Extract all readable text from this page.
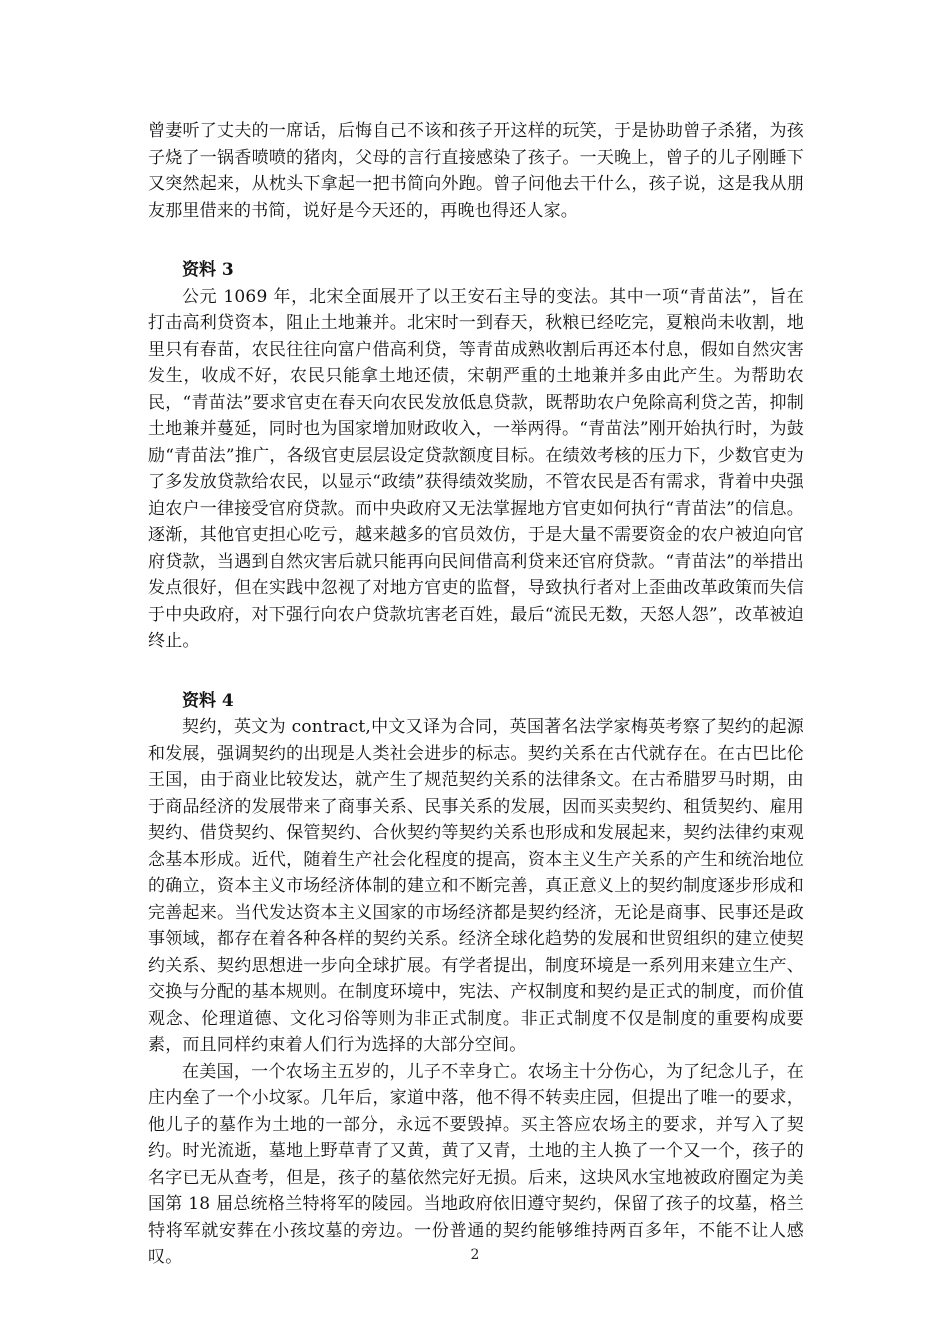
曾妻听了丈夫的一席话，后悔自己不该和孩子开这样的玩笑，于是协助曾子杀猪，为孩子烧了一锅香喷喷的猪肉，父母的言行直接感染了孩子。一天晚上，曾子的儿子刚睡下又突然起来，从枕头下拿起一把书简向外跑。曾子问他去干什么，孩子说，这是我从朋友那里借来的书简，说好是今天还的，再晚也得还人家。

资料 3

公元 1069 年，北宋全面展开了以王安石主导的变法。其中一项“青苗法”，旨在打击高利贷资本，阻止土地兼并。北宋时一到春天，秋粮已经吃完，夏粮尚未收割，地里只有春苗，农民往往向富户借高利贷，等青苗成熟收割后再还本付息，假如自然灾害发生，收成不好，农民只能拿土地还债，宋朝严重的土地兼并多由此产生。为帮助农民，“青苗法”要求官吏在春天向农民发放低息贷款，既帮助农户免除高利贷之苦，抑制土地兼并蔓延，同时也为国家增加财政收入，一举两得。“青苗法”刚开始执行时，为鼓励“青苗法”推广，各级官吏层层设定贷款额度目标。在绩效考核的压力下，少数官吏为了多发放贷款给农民，以显示“政绩”获得绩效奖励，不管农民是否有需求，背着中央强迫农户一律接受官府贷款。而中央政府又无法掌握地方官吏如何执行“青苗法”的信息。逐渐，其他官吏担心吃亏，越来越多的官员效仿，于是大量不需要资金的农户被迫向官府贷款，当遇到自然灾害后就只能再向民间借高利贷来还官府贷款。“青苗法”的举措出发点很好，但在实践中忽视了对地方官吏的监督，导致执行者对上歪曲改革政策而失信于中央政府，对下强行向农户贷款坑害老百姓，最后“流民无数，天怒人怨”，改革被迫终止。

资料 4

契约，英文为 contract,中文又译为合同，英国著名法学家梅英考察了契约的起源和发展，强调契约的出现是人类社会进步的标志。契约关系在古代就存在。在古巴比伦王国，由于商业比较发达，就产生了规范契约关系的法律条文。在古希腊罗马时期，由于商品经济的发展带来了商事关系、民事关系的发展，因而买卖契约、租赁契约、雇用契约、借贷契约、保管契约、合伙契约等契约关系也形成和发展起来，契约法律约束观念基本形成。近代，随着生产社会化程度的提高，资本主义生产关系的产生和统治地位的确立，资本主义市场经济体制的建立和不断完善，真正意义上的契约制度逐步形成和完善起来。当代发达资本主义国家的市场经济都是契约经济，无论是商事、民事还是政事领域，都存在着各种各样的契约关系。经济全球化趋势的发展和世贸组织的建立使契约关系、契约思想进一步向全球扩展。有学者提出，制度环境是一系列用来建立生产、交换与分配的基本规则。在制度环境中，宪法、产权制度和契约是正式的制度，而价值观念、伦理道德、文化习俗等则为非正式制度。非正式制度不仅是制度的重要构成要素，而且同样约束着人们行为选择的大部分空间。

在美国，一个农场主五岁的，儿子不幸身亡。农场主十分伤心，为了纪念儿子，在庄内垒了一个小坟冢。几年后，家道中落，他不得不转卖庄园，但提出了唯一的要求，他儿子的墓作为土地的一部分，永远不要毁掉。买主答应农场主的要求，并写入了契约。时光流逝，墓地上野草青了又黄，黄了又青，土地的主人换了一个又一个，孩子的名字已无从查考，但是，孩子的墓依然完好无损。后来，这块风水宝地被政府圈定为美国第 18 届总统格兰特将军的陵园。当地政府依旧遵守契约，保留了孩子的坟墓，格兰特将军就安葬在小孩坟墓的旁边。一份普通的契约能够维持两百多年，不能不让人感叹。	2
